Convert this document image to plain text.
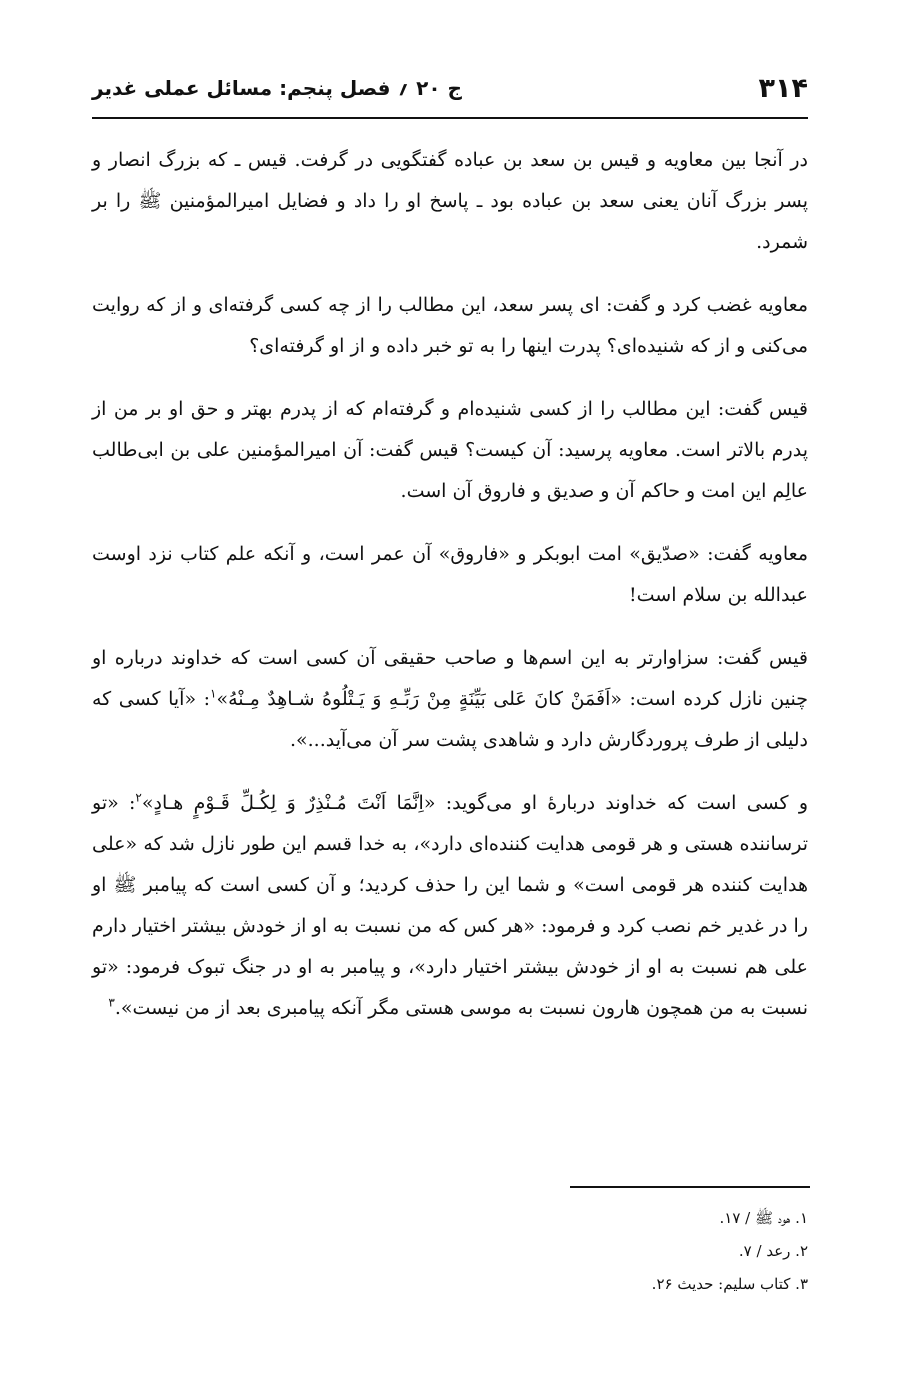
۳۱۴
ج ۲۰ ؍ فصل پنجم: مسائل عملی غدیر

در آنجا بین معاویه و قیس بن سعد بن عباده گفتگویی در گرفت. قیس ـ که بزرگ انصار و پسر بزرگ آنان یعنی سعد بن عباده بود ـ پاسخ او را داد و فضایل امیرالمؤمنین ﷺ را بر شمرد.

معاویه غضب کرد و گفت: ای پسر سعد، این مطالب را از چه کسی گرفته‌ای و از که روایت می‌کنی و از که شنیده‌ای؟ پدرت اینها را به تو خبر داده و از او گرفته‌ای؟

قیس گفت: این مطالب را از کسی شنیده‌ام و گرفته‌ام که از پدرم بهتر و حق او بر من از پدرم بالاتر است. معاویه پرسید: آن کیست؟ قیس گفت: آن امیرالمؤمنین علی بن ابی‌طالب عالِم این امت و حاکم آن و صدیق و فاروق آن است.

معاویه گفت: «صدّیق» امت ابوبکر و «فاروق» آن عمر است، و آنکه علم کتاب نزد اوست عبدالله بن سلام است!

قیس گفت: سزاوارتر به این اسم‌ها و صاحب حقیقی آن کسی است که خداوند درباره او چنین نازل کرده است: «اَفَمَنْ كانَ عَلى بَيِّنَةٍ مِنْ رَبِّـهِ وَ يَـتْلُوهُ شـاهِدٌ مِـنْهُ»$^۱$: «آیا کسی که دلیلی از طرف پروردگارش دارد و شاهدی پشت سر آن می‌آید...».

و کسی است که خداوند دربارهٔ او می‌گوید: «اِنَّمَا اَنْتَ مُـنْذِرٌ وَ لِكُـلِّ قَـوْمٍ هـادٍ»$^۲$: «تو ترساننده هستی و هر قومی هدایت کننده‌ای دارد»، به خدا قسم این طور نازل شد که «علی هدایت کننده هر قومی است» و شما این را حذف کردید؛ و آن کسی است که پیامبر ﷺ او را در غدیر خم نصب کرد و فرمود: «هر کس که من نسبت به او از خودش بیشتر اختیار دارم علی هم نسبت به او از خودش بیشتر اختیار دارد»، و پیامبر به او در جنگ تبوک فرمود: «تو نسبت به من همچون هارون نسبت به موسی هستی مگر آنکه پیامبری بعد از من نیست».$^۳$

۱. هود ﷺ / ۱۷.

۲. رعد / ۷.

۳. کتاب سلیم: حدیث ۲۶.
